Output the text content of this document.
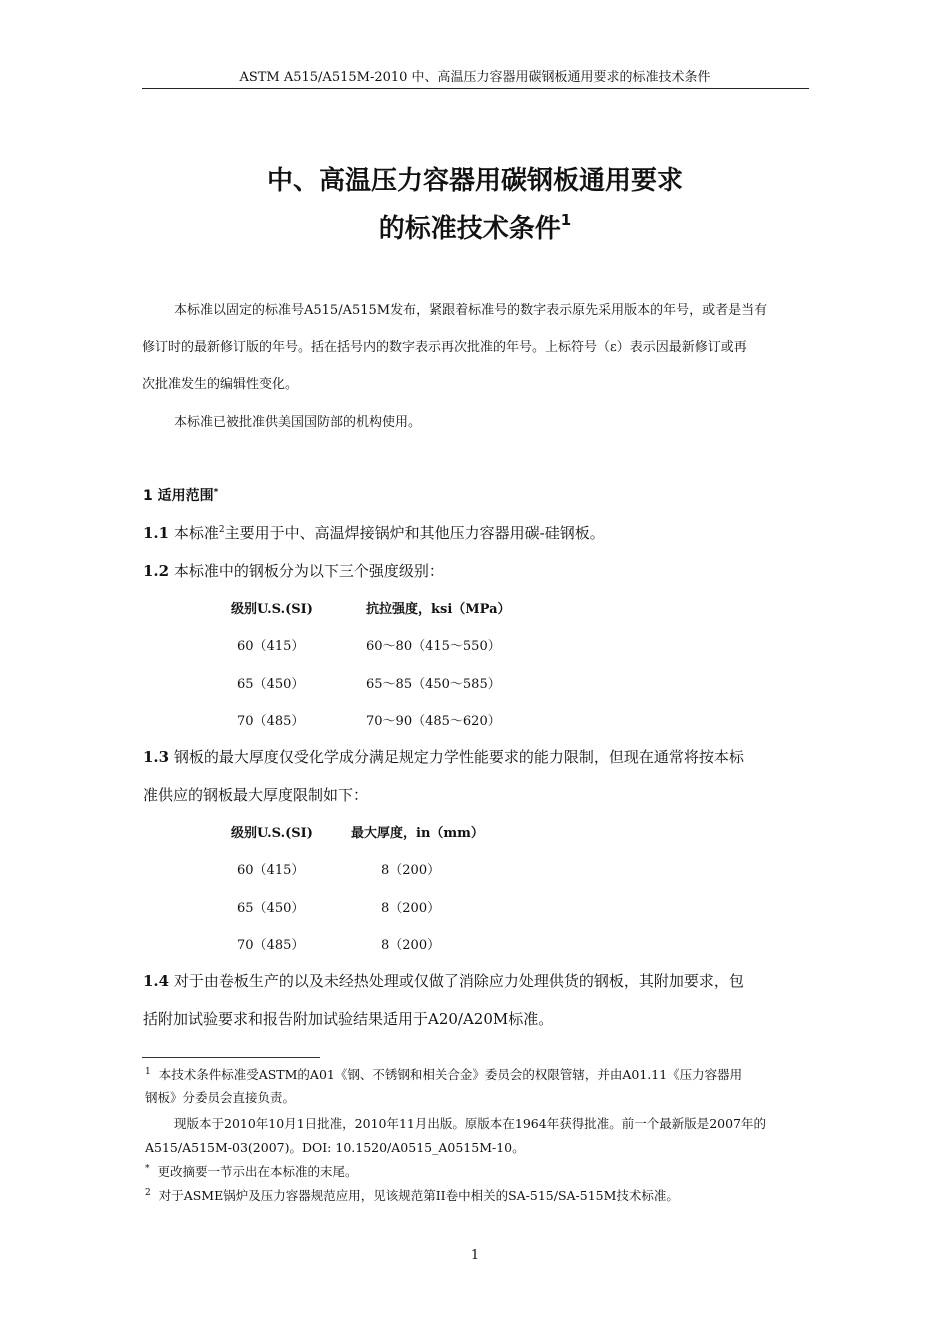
ASTM A515/A515M-2010 中、高温压力容器用碳钢板通用要求的标准技术条件
中、高温压力容器用碳钢板通用要求
的标准技术条件$^1$
本标准以固定的标准号A515/A515M发布，紧跟着标准号的数字表示原先采用版本的年号，或者是当有
修订时的最新修订版的年号。括在括号内的数字表示再次批准的年号。上标符号（ε）表示因最新修订或再
次批准发生的编辑性变化。
本标准已被批准供美国国防部的机构使用。
1 适用范围*
1.1 本标准$^2$主要用于中、高温焊接锅炉和其他压力容器用碳-硅钢板。
1.2 本标准中的钢板分为以下三个强度级别：
级别U.S.(SI)	抗拉强度，ksi（MPa）
60（415）	60～80（415～550）
65（450）	65～85（450～585）
70（485）	70～90（485～620）
1.3 钢板的最大厚度仅受化学成分满足规定力学性能要求的能力限制，但现在通常将按本标
准供应的钢板最大厚度限制如下：
级别U.S.(SI)	最大厚度，in（mm）
60（415）	8（200）
65（450）	8（200）
70（485）	8（200）
1.4 对于由卷板生产的以及未经热处理或仅做了消除应力处理供货的钢板，其附加要求，包
括附加试验要求和报告附加试验结果适用于A20/A20M标准。
$^1$ 本技术条件标准受ASTM的A01《钢、不锈钢和相关合金》委员会的权限管辖，并由A01.11《压力容器用
钢板》分委员会直接负责。
现版本于2010年10月1日批准，2010年11月出版。原版本在1964年获得批准。前一个最新版是2007年的
A515/A515M-03(2007)。DOI: 10.1520/A0515_A0515M-10。
* 更改摘要一节示出在本标准的末尾。
$^2$ 对于ASME锅炉及压力容器规范应用，见该规范第II卷中相关的SA-515/SA-515M技术标准。
1
